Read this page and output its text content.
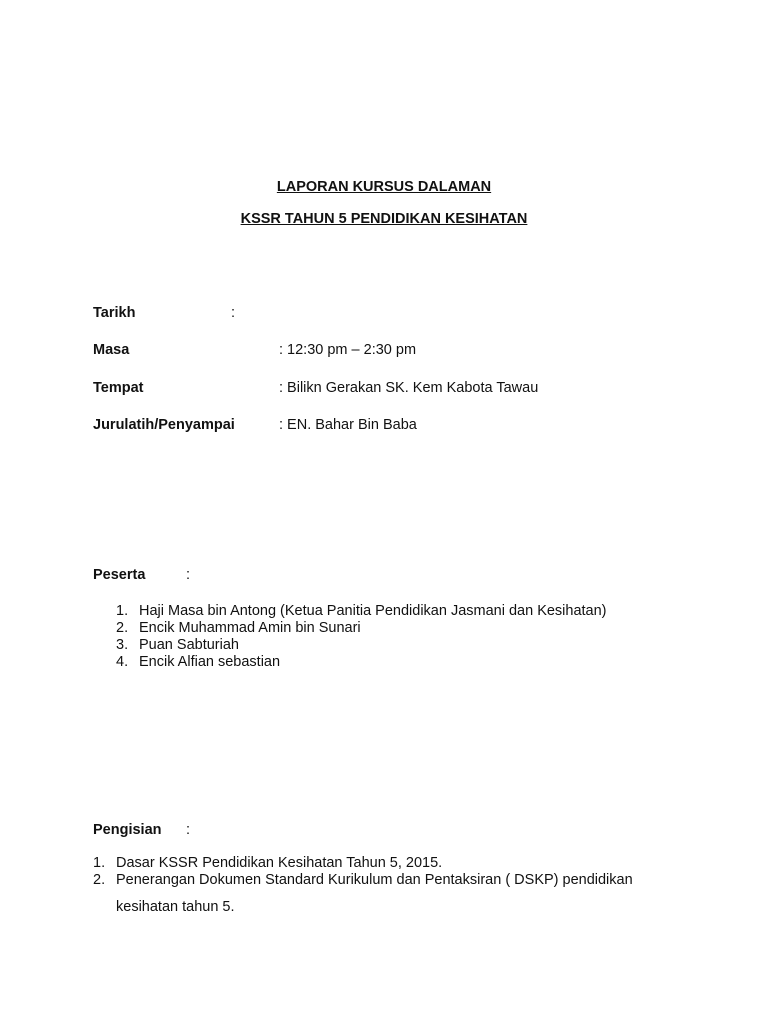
LAPORAN KURSUS DALAMAN
KSSR TAHUN 5 PENDIDIKAN KESIHATAN
Tarikh	:
Masa	: 12:30 pm – 2:30 pm
Tempat	: Bilikn Gerakan SK. Kem Kabota Tawau
Jurulatih/Penyampai	: EN. Bahar Bin Baba
Peserta	:
1. Haji Masa bin Antong (Ketua Panitia Pendidikan Jasmani dan Kesihatan)
2. Encik Muhammad Amin bin Sunari
3. Puan Sabturiah
4. Encik Alfian sebastian
Pengisian :
1. Dasar KSSR Pendidikan Kesihatan Tahun 5, 2015.
2. Penerangan Dokumen Standard Kurikulum dan Pentaksiran ( DSKP) pendidikan
kesihatan tahun 5.
